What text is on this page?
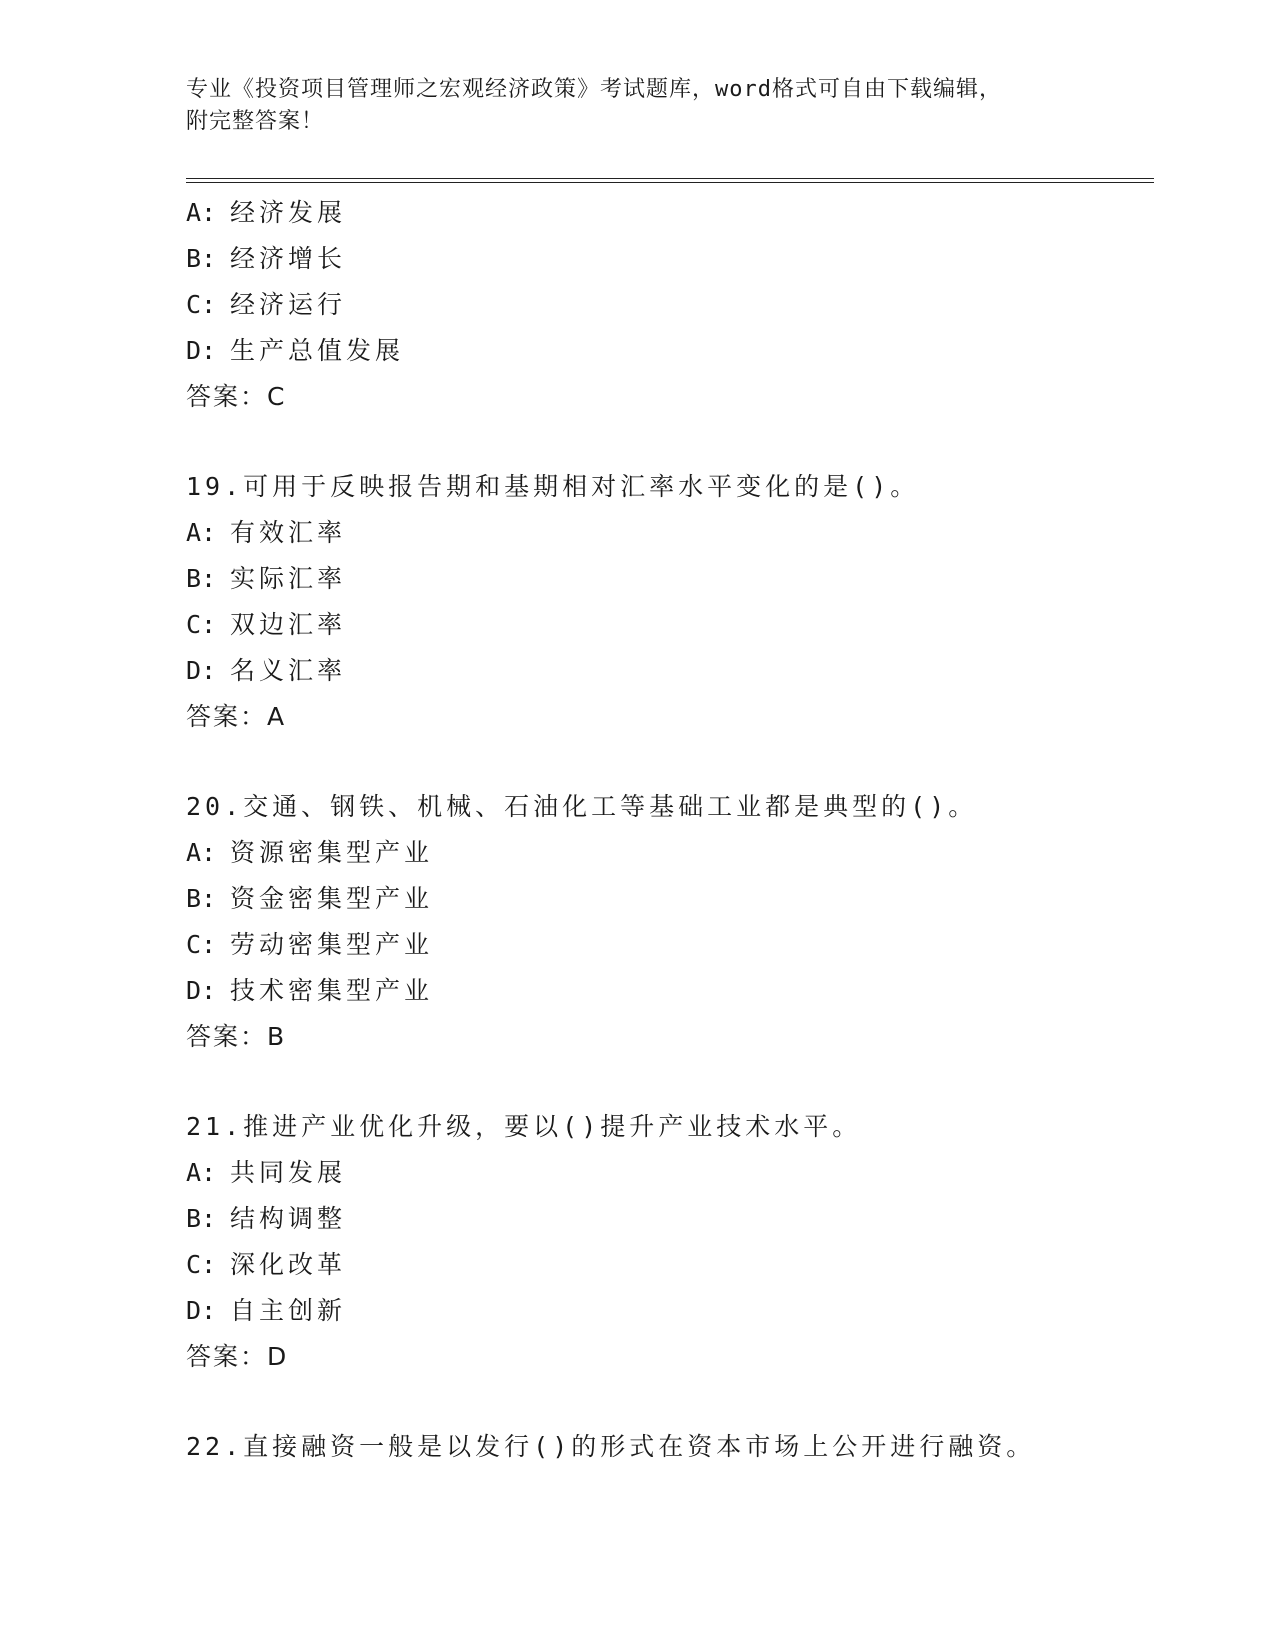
专业《投资项目管理师之宏观经济政策》考试题库，word格式可自由下载编辑，
附完整答案！
A: 经济发展
B: 经济增长
C: 经济运行
D: 生产总值发展
答案：C
19.可用于反映报告期和基期相对汇率水平变化的是()。
A: 有效汇率
B: 实际汇率
C: 双边汇率
D: 名义汇率
答案：A
20.交通、钢铁、机械、石油化工等基础工业都是典型的()。
A: 资源密集型产业
B: 资金密集型产业
C: 劳动密集型产业
D: 技术密集型产业
答案：B
21.推进产业优化升级，要以()提升产业技术水平。
A: 共同发展
B: 结构调整
C: 深化改革
D: 自主创新
答案：D
22.直接融资一般是以发行()的形式在资本市场上公开进行融资。
